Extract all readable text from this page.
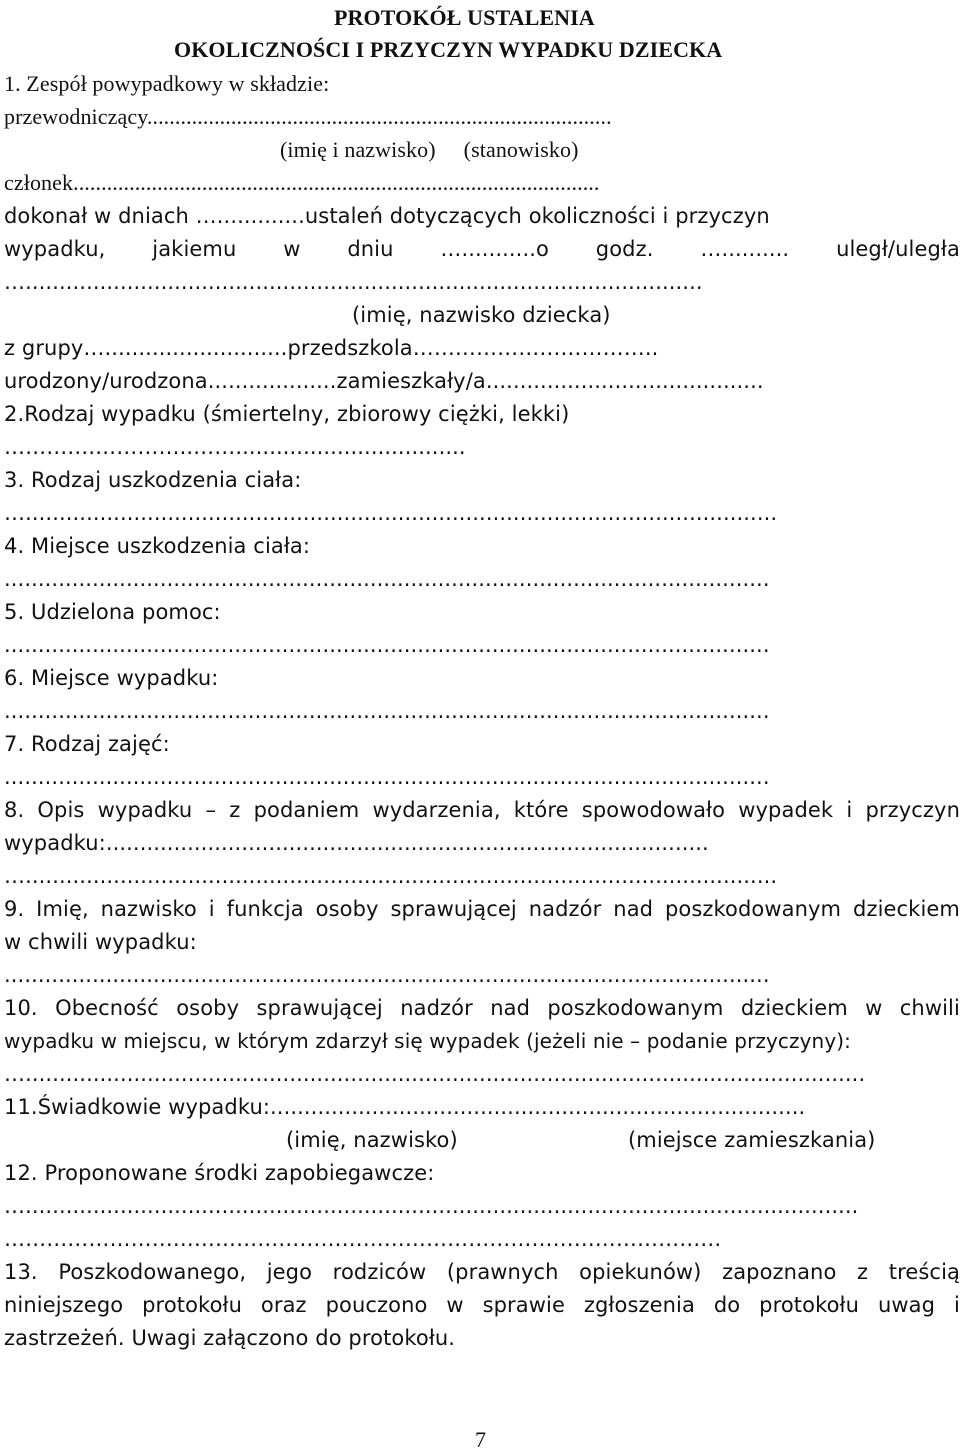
PROTOKÓŁ USTALENIA
OKOLICZNOŚCI I PRZYCZYN WYPADKU DZIECKA
1. Zespół powypadkowy w składzie:
przewodniczący...................................................................................
(imię i nazwisko)     (stanowisko)
członek..............................................................................................
dokonał w dniach ….............ustaleń dotyczących okoliczności i przyczyn
wypadku, jakiemu w dniu …...........o godz. ….......... uległ/uległa
…....................................................................................................
(imię, nazwisko dziecka)
z grupy…...........................przedszkola……………………………..
urodzony/urodzona...................zamieszkały/a.........................................
2.Rodzaj wypadku (śmiertelny, zbiorowy ciężki, lekki)
………….…………..……..................................
3. Rodzaj uszkodzenia ciała:
…...............................................................................................................
4. Miejsce uszkodzenia ciała:
.................................................................................................................
5. Udzielona pomoc:
.................................................................................................................
6. Miejsce wypadku:
.................................................................................................................
7. Rodzaj zajęć:
.................................................................................................................
8. Opis wypadku – z podaniem wydarzenia, które spowodowało wypadek i przyczyn
wypadku:.........................................................................................
…...............................................................................................................
9. Imię, nazwisko i funkcja osoby sprawującej nadzór nad poszkodowanym dzieckiem
w chwili wypadku:
.................................................................................................................
10. Obecność osoby sprawującej nadzór nad poszkodowanym dzieckiem w chwili
wypadku w miejscu, w którym zdarzył się wypadek (jeżeli nie – podanie przyczyny):
…............................................................................................................................
11.Świadkowie wypadku:...............................................................................
(imię, nazwisko)	(miejsce zamieszkania)
12. Proponowane środki zapobiegawcze:
…...........................................................................................................................
…………………………………………………………………………………………
13. Poszkodowanego, jego rodziców (prawnych opiekunów) zapoznano z treścią
niniejszego protokołu oraz pouczono w sprawie zgłoszenia do protokołu uwag i
zastrzeżeń. Uwagi załączono do protokołu.
7
